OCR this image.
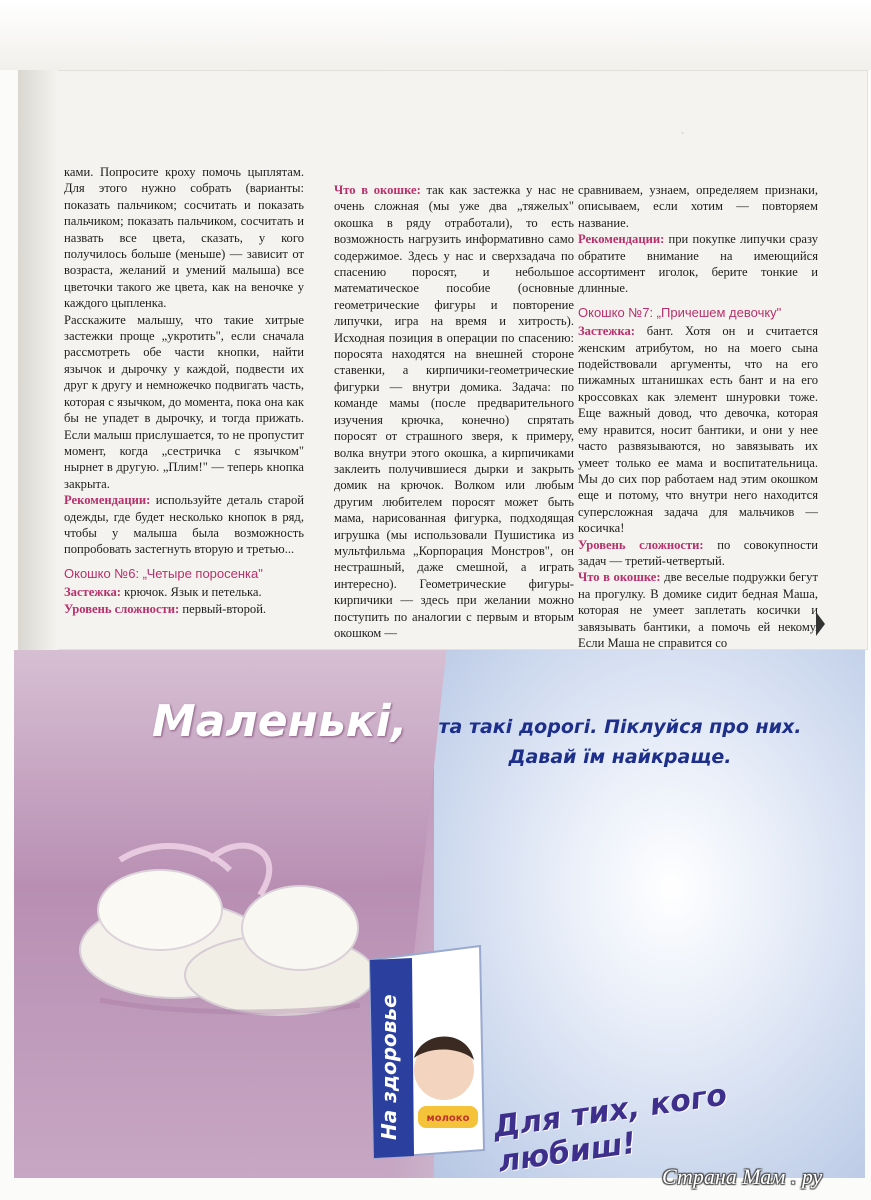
·

ками. Попросите кроху помочь цыплятам. Для этого нужно собрать (варианты: показать пальчиком; сосчитать и показать пальчиком; показать пальчиком, сосчитать и назвать все цвета, сказать, у кого получилось больше (меньше) — зависит от возраста, желаний и умений малыша) все цветочки такого же цвета, как на веночке у каждого цыпленка.

Расскажите малышу, что такие хитрые застежки проще „укротить", если сначала рассмотреть обе части кнопки, найти язычок и дырочку у каждой, подвести их друг к другу и немножечко подвигать часть, которая с язычком, до момента, пока она как бы не упадет в дырочку, и тогда прижать. Если малыш прислушается, то не пропустит момент, когда „сестричка с язычком" нырнет в другую. „Плим!" — теперь кнопка закрыта.

Рекомендации: используйте деталь старой одежды, где будет несколько кнопок в ряд, чтобы у малыша была возможность попробовать застегнуть вторую и третью...

Окошко №6: „Четыре поросенка"

Застежка: крючок. Язык и петелька.

Уровень сложности: первый-второй.

Что в окошке: так как застежка у нас не очень сложная (мы уже два „тяжелых" окошка в ряду отработали), то есть возможность нагрузить информативно само содержимое. Здесь у нас и сверхзадача по спасению поросят, и небольшое математическое пособие (основные геометрические фигуры и повторение липучки, игра на время и хитрость). Исходная позиция в операции по спасению: поросята находятся на внешней стороне ставенки, а кирпичики-геометрические фигурки — внутри домика. Задача: по команде мамы (после предварительного изучения крючка, конечно) спрятать поросят от страшного зверя, к примеру, волка внутри этого окошка, а кирпичиками заклеить получившиеся дырки и закрыть домик на крючок. Волком или любым другим любителем поросят может быть мама, нарисованная фигурка, подходящая игрушка (мы использовали Пушистика из мультфильма „Корпорация Монстров", он нестрашный, даже смешной, а играть интересно). Геометрические фигуры-кирпичики — здесь при желании можно поступить по аналогии с первым и вторым окошком —

сравниваем, узнаем, определяем признаки, описываем, если хотим — повторяем название.

Рекомендации: при покупке липучки сразу обратите внимание на имеющийся ассортимент иголок, берите тонкие и длинные.

Окошко №7: „Причешем девочку"

Застежка: бант. Хотя он и считается женским атрибутом, но на моего сына подействовали аргументы, что на его пижамных штанишках есть бант и на его кроссовках как элемент шнуровки тоже. Еще важный довод, что девочка, которая ему нравится, носит бантики, и они у нее часто развязываются, но завязывать их умеет только ее мама и воспитательница. Мы до сих пор работаем над этим окошком еще и потому, что внутри него находится суперсложная задача для мальчиков — косичка!

Уровень сложности: по совокупности задач — третий-четвертый.

Что в окошке: две веселые подружки бегут на прогулку. В домике сидит бедная Маша, которая не умеет заплетать косички и завязывать бантики, а помочь ей некому. Если Маша не справится со

молоко
На здоровье
Маленькі,	та такі дорогі. Піклуйся про них.

Давай їм найкраще.

Для тих, кого любиш!	Страна Мам . ру
